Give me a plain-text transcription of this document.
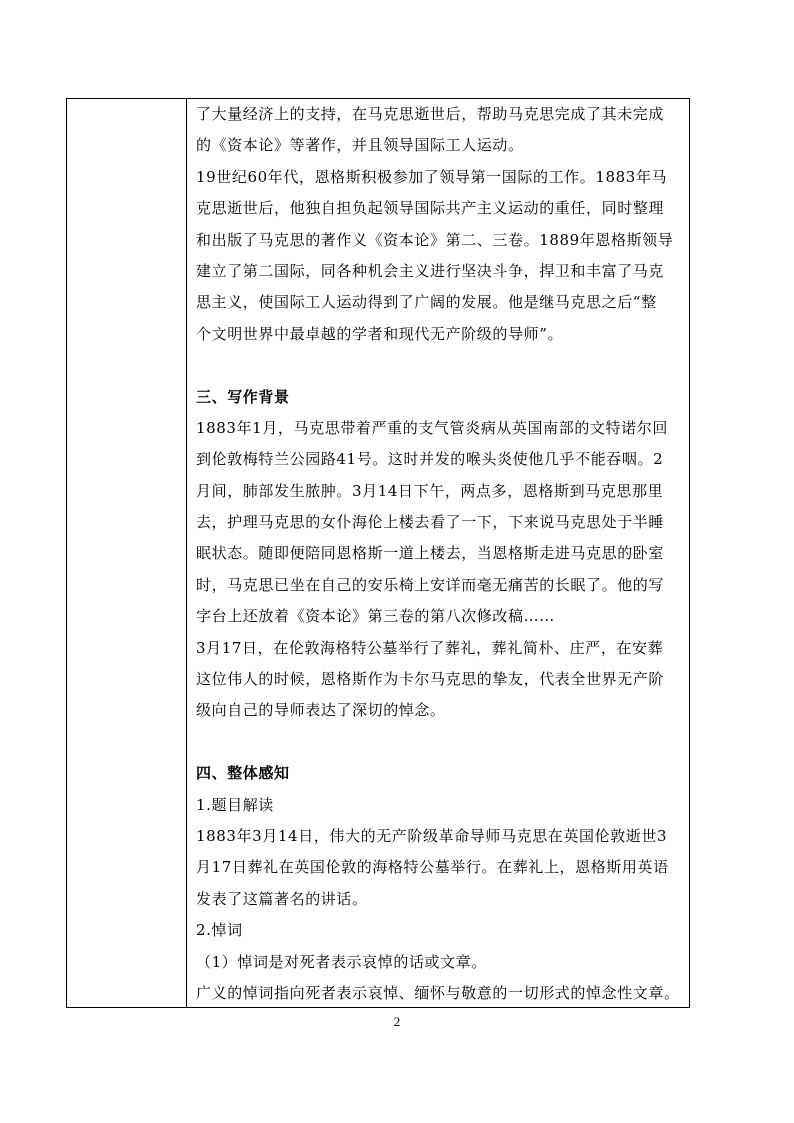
了大量经济上的支持，在马克思逝世后，帮助马克思完成了其未完成
的《资本论》等著作，并且领导国际工人运动。
19世纪60年代，恩格斯积极参加了领导第一国际的工作。1883年马
克思逝世后，他独自担负起领导国际共产主义运动的重任，同时整理
和出版了马克思的著作义《资本论》第二、三卷。1889年恩格斯领导
建立了第二国际，同各种机会主义进行坚决斗争，捍卫和丰富了马克
思主义，使国际工人运动得到了广阔的发展。他是继马克思之后“整
个文明世界中最卓越的学者和现代无产阶级的导师”。
三、写作背景
1883年1月，马克思带着严重的支气管炎病从英国南部的文特诺尔回
到伦敦梅特兰公园路41号。这时并发的喉头炎使他几乎不能吞咽。2
月间，肺部发生脓肿。3月14日下午，两点多，恩格斯到马克思那里
去，护理马克思的女仆海伦上楼去看了一下，下来说马克思处于半睡
眠状态。随即便陪同恩格斯一道上楼去，当恩格斯走进马克思的卧室
时，马克思已坐在自己的安乐椅上安详而毫无痛苦的长眠了。他的写
字台上还放着《资本论》第三卷的第八次修改稿……
3月17日，在伦敦海格特公墓举行了葬礼，葬礼简朴、庄严，在安葬
这位伟人的时候，恩格斯作为卡尔马克思的挚友，代表全世界无产阶
级向自己的导师表达了深切的悼念。
四、整体感知
1.题目解读
1883年3月14日，伟大的无产阶级革命导师马克思在英国伦敦逝世3
月17日葬礼在英国伦敦的海格特公墓举行。在葬礼上，恩格斯用英语
发表了这篇著名的讲话。
2.悼词
（1）悼词是对死者表示哀悼的话或文章。
广义的悼词指向死者表示哀悼、缅怀与敬意的一切形式的悼念性文章。
2
